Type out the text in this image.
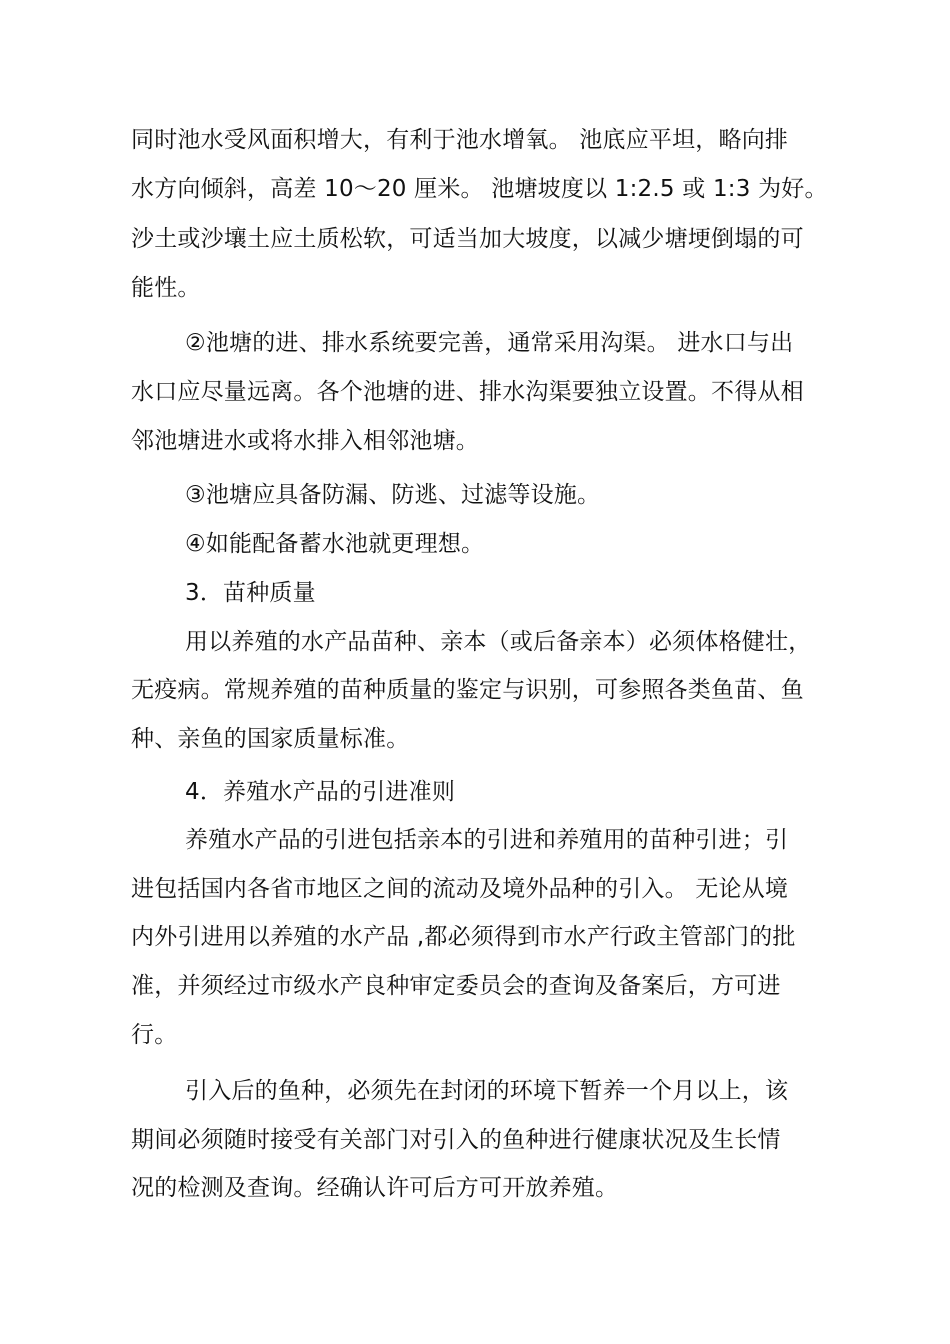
同时池水受风面积增大，有利于池水增氧。 池底应平坦，略向排
水方向倾斜，高差 10～20 厘米。 池塘坡度以 1:2.5 或 1:3 为好。
沙土或沙壤土应土质松软，可适当加大坡度，以减少塘埂倒塌的可
能性。
②池塘的进、排水系统要完善，通常采用沟渠。 进水口与出
水口应尽量远离。各个池塘的进、排水沟渠要独立设置。不得从相
邻池塘进水或将水排入相邻池塘。
③池塘应具备防漏、防逃、过滤等设施。
④如能配备蓄水池就更理想。
3．苗种质量
用以养殖的水产品苗种、亲本（或后备亲本）必须体格健壮，
无疫病。常规养殖的苗种质量的鉴定与识别，可参照各类鱼苗、鱼
种、亲鱼的国家质量标准。
4．养殖水产品的引进准则
养殖水产品的引进包括亲本的引进和养殖用的苗种引进；引
进包括国内各省市地区之间的流动及境外品种的引入。 无论从境
内外引进用以养殖的水产品 ,都必须得到市水产行政主管部门的批
准，并须经过市级水产良种审定委员会的查询及备案后，方可进
行。
引入后的鱼种，必须先在封闭的环境下暂养一个月以上，该
期间必须随时接受有关部门对引入的鱼种进行健康状况及生长情
况的检测及查询。经确认许可后方可开放养殖。
